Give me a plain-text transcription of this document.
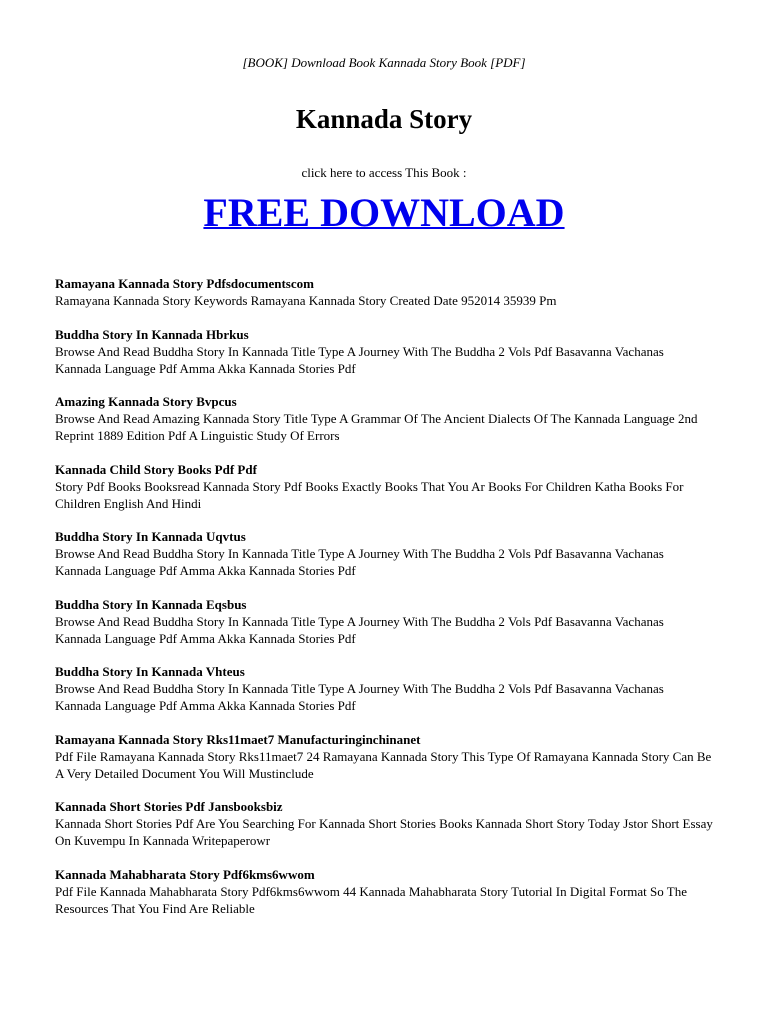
[BOOK] Download Book Kannada Story Book [PDF]
Kannada Story
click here to access This Book :
FREE DOWNLOAD
Ramayana Kannada Story Pdfsdocumentscom
Ramayana Kannada Story Keywords Ramayana Kannada Story Created Date 952014 35939 Pm
Buddha Story In Kannada Hbrkus
Browse And Read Buddha Story In Kannada Title Type A Journey With The Buddha 2 Vols Pdf Basavanna Vachanas Kannada Language Pdf Amma Akka Kannada Stories Pdf
Amazing Kannada Story Bvpcus
Browse And Read Amazing Kannada Story Title Type A Grammar Of The Ancient Dialects Of The Kannada Language 2nd Reprint 1889 Edition Pdf A Linguistic Study Of Errors
Kannada Child Story Books Pdf Pdf
Story Pdf Books Booksread Kannada Story Pdf Books Exactly Books That You Ar Books For Children Katha Books For Children English And Hindi
Buddha Story In Kannada Uqvtus
Browse And Read Buddha Story In Kannada Title Type A Journey With The Buddha 2 Vols Pdf Basavanna Vachanas Kannada Language Pdf Amma Akka Kannada Stories Pdf
Buddha Story In Kannada Eqsbus
Browse And Read Buddha Story In Kannada Title Type A Journey With The Buddha 2 Vols Pdf Basavanna Vachanas Kannada Language Pdf Amma Akka Kannada Stories Pdf
Buddha Story In Kannada Vhteus
Browse And Read Buddha Story In Kannada Title Type A Journey With The Buddha 2 Vols Pdf Basavanna Vachanas Kannada Language Pdf Amma Akka Kannada Stories Pdf
Ramayana Kannada Story Rks11maet7 Manufacturinginchinanet
Pdf File Ramayana Kannada Story Rks11maet7 24 Ramayana Kannada Story This Type Of Ramayana Kannada Story Can Be A Very Detailed Document You Will Mustinclude
Kannada Short Stories Pdf Jansbooksbiz
Kannada Short Stories Pdf Are You Searching For Kannada Short Stories Books Kannada Short Story Today Jstor Short Essay On Kuvempu In Kannada Writepaperowr
Kannada Mahabharata Story Pdf6kms6wwom
Pdf File Kannada Mahabharata Story Pdf6kms6wwom 44 Kannada Mahabharata Story Tutorial In Digital Format So The Resources That You Find Are Reliable
